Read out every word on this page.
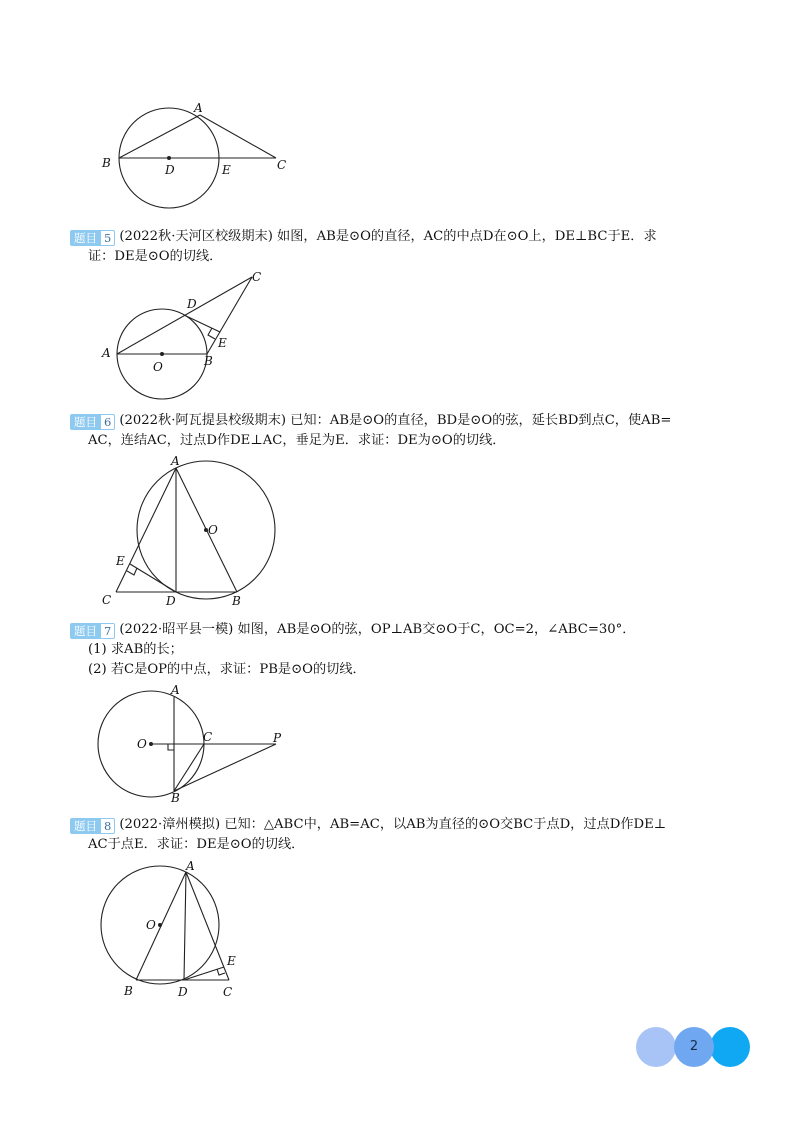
A
B	D	E	C
题目 5 (2022秋·天河区校级期末) 如图，AB是⊙O的直径，AC的中点D在⊙O上，DE⊥BC于E．求
证：DE是⊙O的切线．
C
D
E
A
O	B
题目 6 (2022秋·阿瓦提县校级期末) 已知：AB是⊙O的直径，BD是⊙O的弦，延长BD到点C，使AB=
AC，连结AC，过点D作DE⊥AC，垂足为E．求证：DE为⊙O的切线．
A
O
E
C	D	B
题目 7 (2022·昭平县一模) 如图，AB是⊙O的弦，OP⊥AB交⊙O于C，OC=2，∠ABC=30°．
(1) 求AB的长；
(2) 若C是OP的中点，求证：PB是⊙O的切线．
A
O	C	P
B
题目 8 (2022·漳州模拟) 已知：△ABC中，AB=AC，以AB为直径的⊙O交BC于点D，过点D作DE⊥
AC于点E．求证：DE是⊙O的切线．
A
O
E
B	D	C
2
